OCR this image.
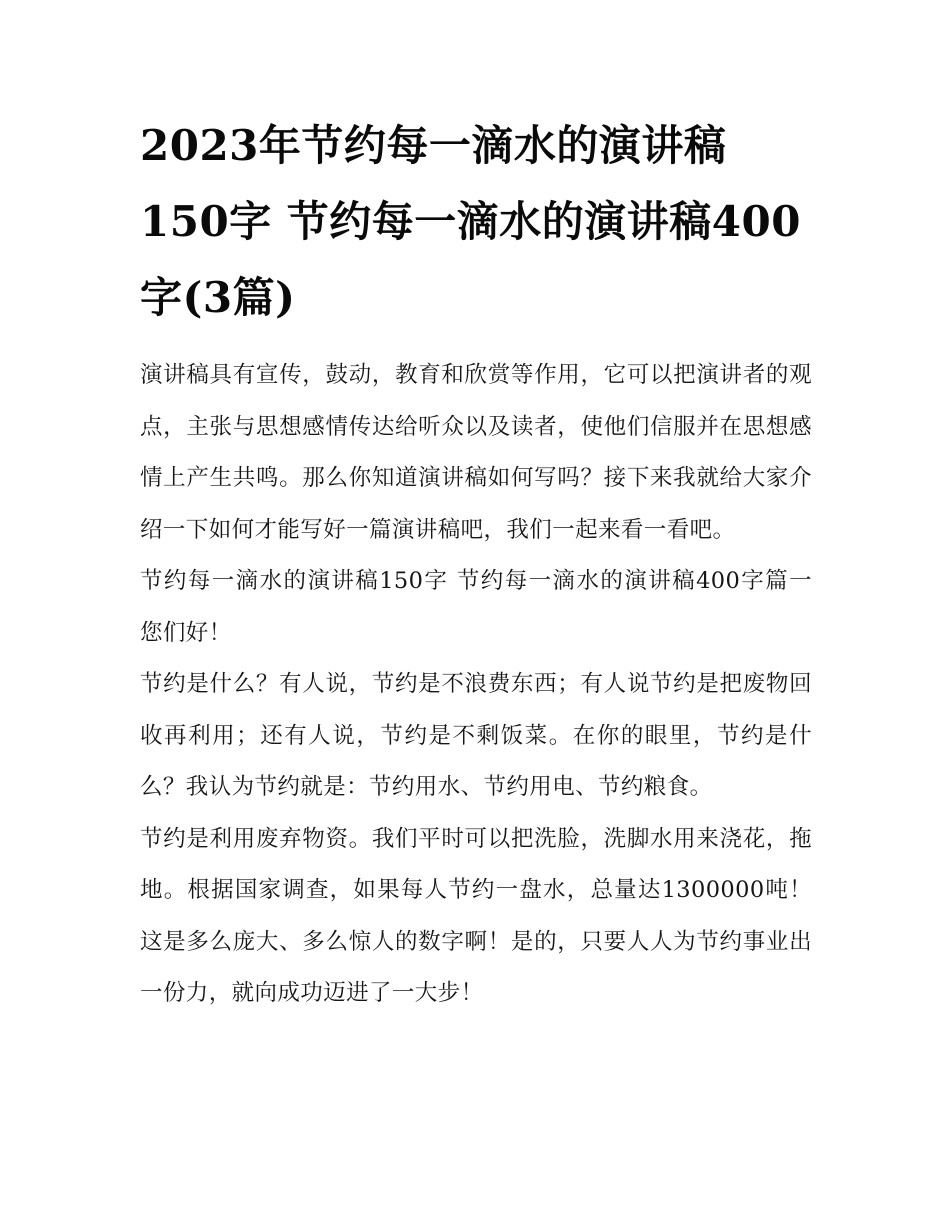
2023年节约每一滴水的演讲稿150字 节约每一滴水的演讲稿400字(3篇)

演讲稿具有宣传，鼓动，教育和欣赏等作用，它可以把演讲者的观点，主张与思想感情传达给听众以及读者，使他们信服并在思想感情上产生共鸣。那么你知道演讲稿如何写吗？接下来我就给大家介绍一下如何才能写好一篇演讲稿吧，我们一起来看一看吧。

节约每一滴水的演讲稿150字 节约每一滴水的演讲稿400字篇一 您们好！

节约是什么？有人说，节约是不浪费东西；有人说节约是把废物回收再利用；还有人说，节约是不剩饭菜。在你的眼里，节约是什么？我认为节约就是：节约用水、节约用电、节约粮食。

节约是利用废弃物资。我们平时可以把洗脸，洗脚水用来浇花，拖地。根据国家调查，如果每人节约一盘水，总量达1300000吨！这是多么庞大、多么惊人的数字啊！是的，只要人人为节约事业出一份力，就向成功迈进了一大步！
